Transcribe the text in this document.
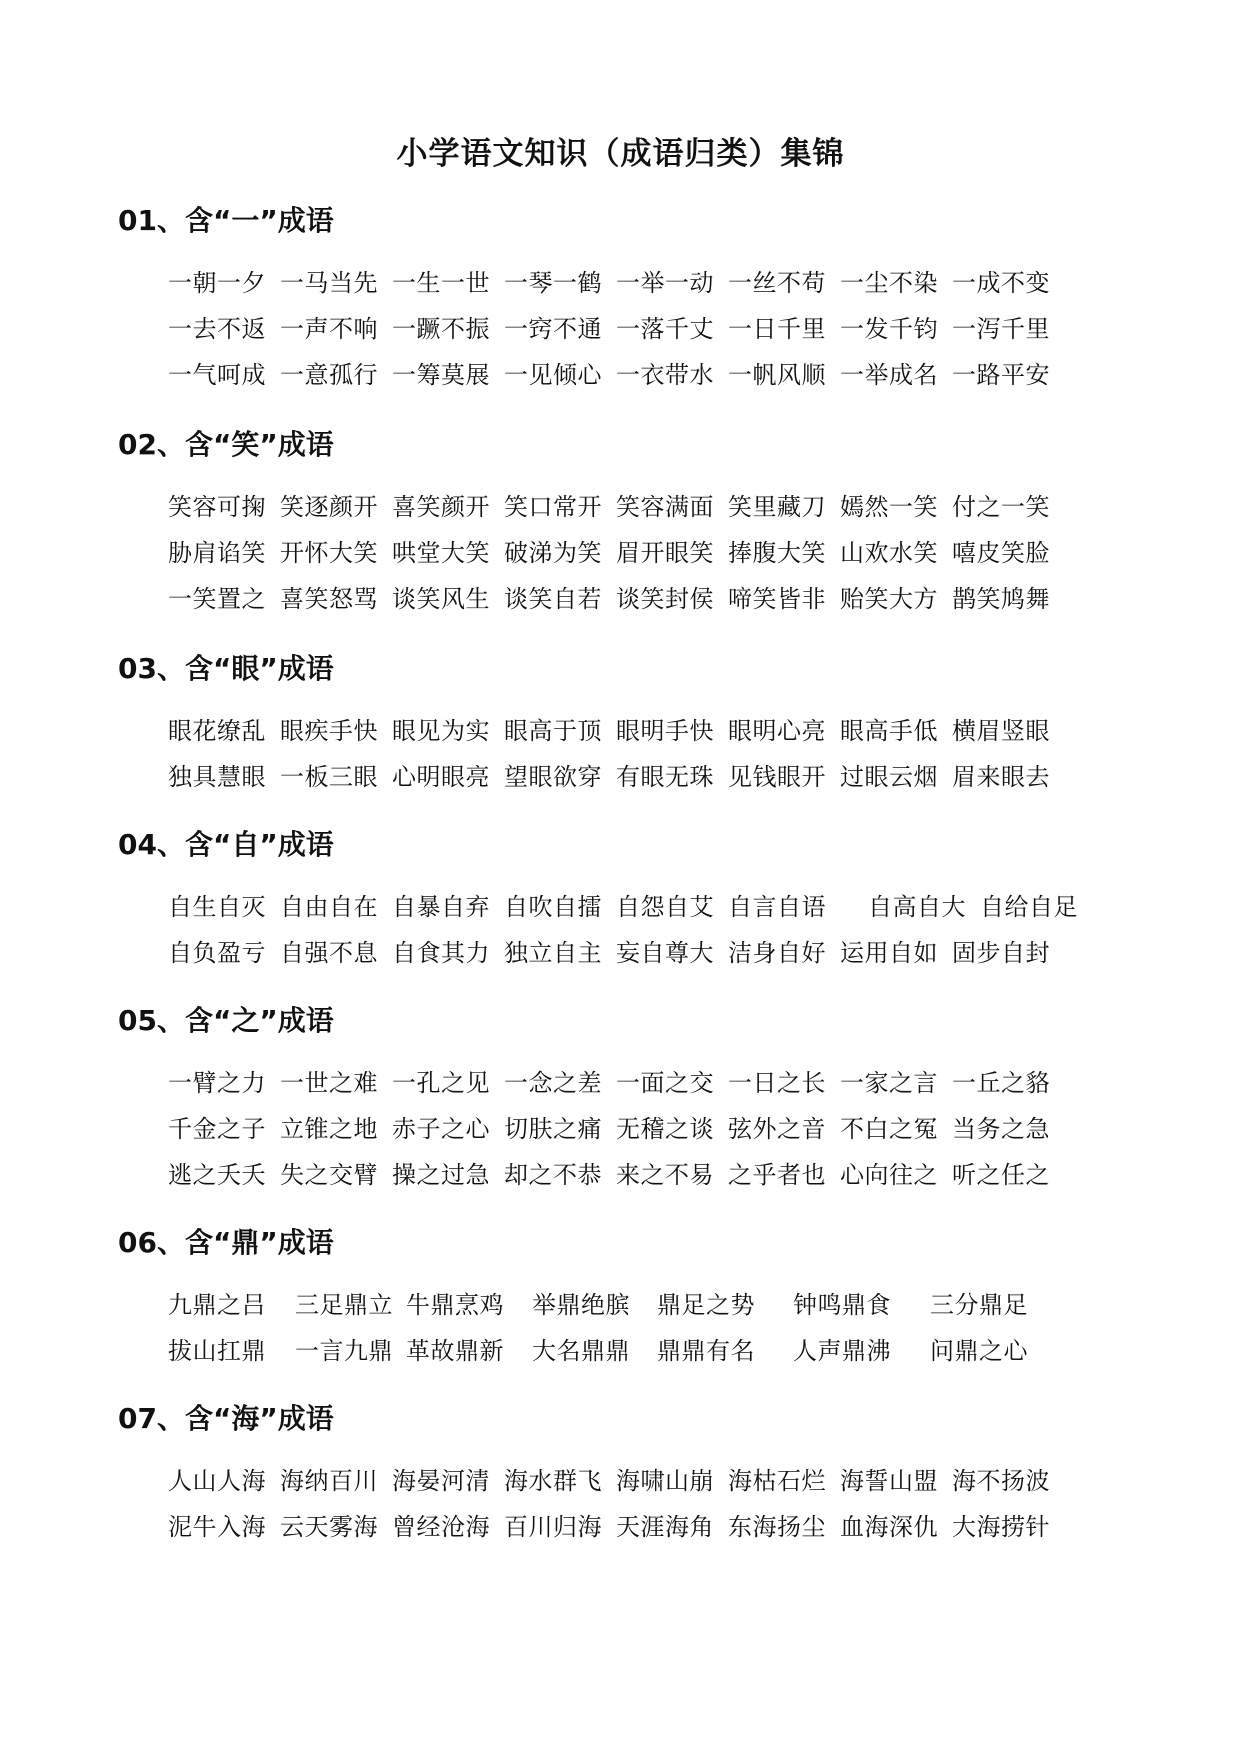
小学语文知识（成语归类）集锦
01、含“一”成语
一朝一夕 一马当先 一生一世 一琴一鹤 一举一动 一丝不苟 一尘不染 一成不变
一去不返 一声不响 一蹶不振 一窍不通 一落千丈 一日千里 一发千钧 一泻千里
一气呵成 一意孤行 一筹莫展 一见倾心 一衣带水 一帆风顺 一举成名 一路平安
02、含“笑”成语
笑容可掬 笑逐颜开 喜笑颜开 笑口常开 笑容满面 笑里藏刀 嫣然一笑 付之一笑
胁肩谄笑 开怀大笑 哄堂大笑 破涕为笑 眉开眼笑 捧腹大笑 山欢水笑 嘻皮笑脸
一笑置之 喜笑怒骂 谈笑风生 谈笑自若 谈笑封侯 啼笑皆非 贻笑大方 鹊笑鸠舞
03、含“眼”成语
眼花缭乱 眼疾手快 眼见为实 眼高于顶 眼明手快 眼明心亮 眼高手低 横眉竖眼
独具慧眼 一板三眼 心明眼亮 望眼欲穿 有眼无珠 见钱眼开 过眼云烟 眉来眼去
04、含“自”成语
自生自灭 自由自在 自暴自弃 自吹自擂 自怨自艾 自言自语 自高自大 自给自足
自负盈亏 自强不息 自食其力 独立自主 妄自尊大 洁身自好 运用自如 固步自封
05、含“之”成语
一臂之力 一世之难 一孔之见 一念之差 一面之交 一日之长 一家之言 一丘之貉
千金之子 立锥之地 赤子之心 切肤之痛 无稽之谈 弦外之音 不白之冤 当务之急
逃之夭夭 失之交臂 操之过急 却之不恭 来之不易 之乎者也 心向往之 听之任之
06、含“鼎”成语
九鼎之吕 三足鼎立 牛鼎烹鸡 举鼎绝膑 鼎足之势 钟鸣鼎食 三分鼎足
拔山扛鼎 一言九鼎 革故鼎新 大名鼎鼎 鼎鼎有名 人声鼎沸 问鼎之心
07、含“海”成语
人山人海 海纳百川 海晏河清 海水群飞 海啸山崩 海枯石烂 海誓山盟 海不扬波
泥牛入海 云天雾海 曾经沧海 百川归海 天涯海角 东海扬尘 血海深仇 大海捞针
